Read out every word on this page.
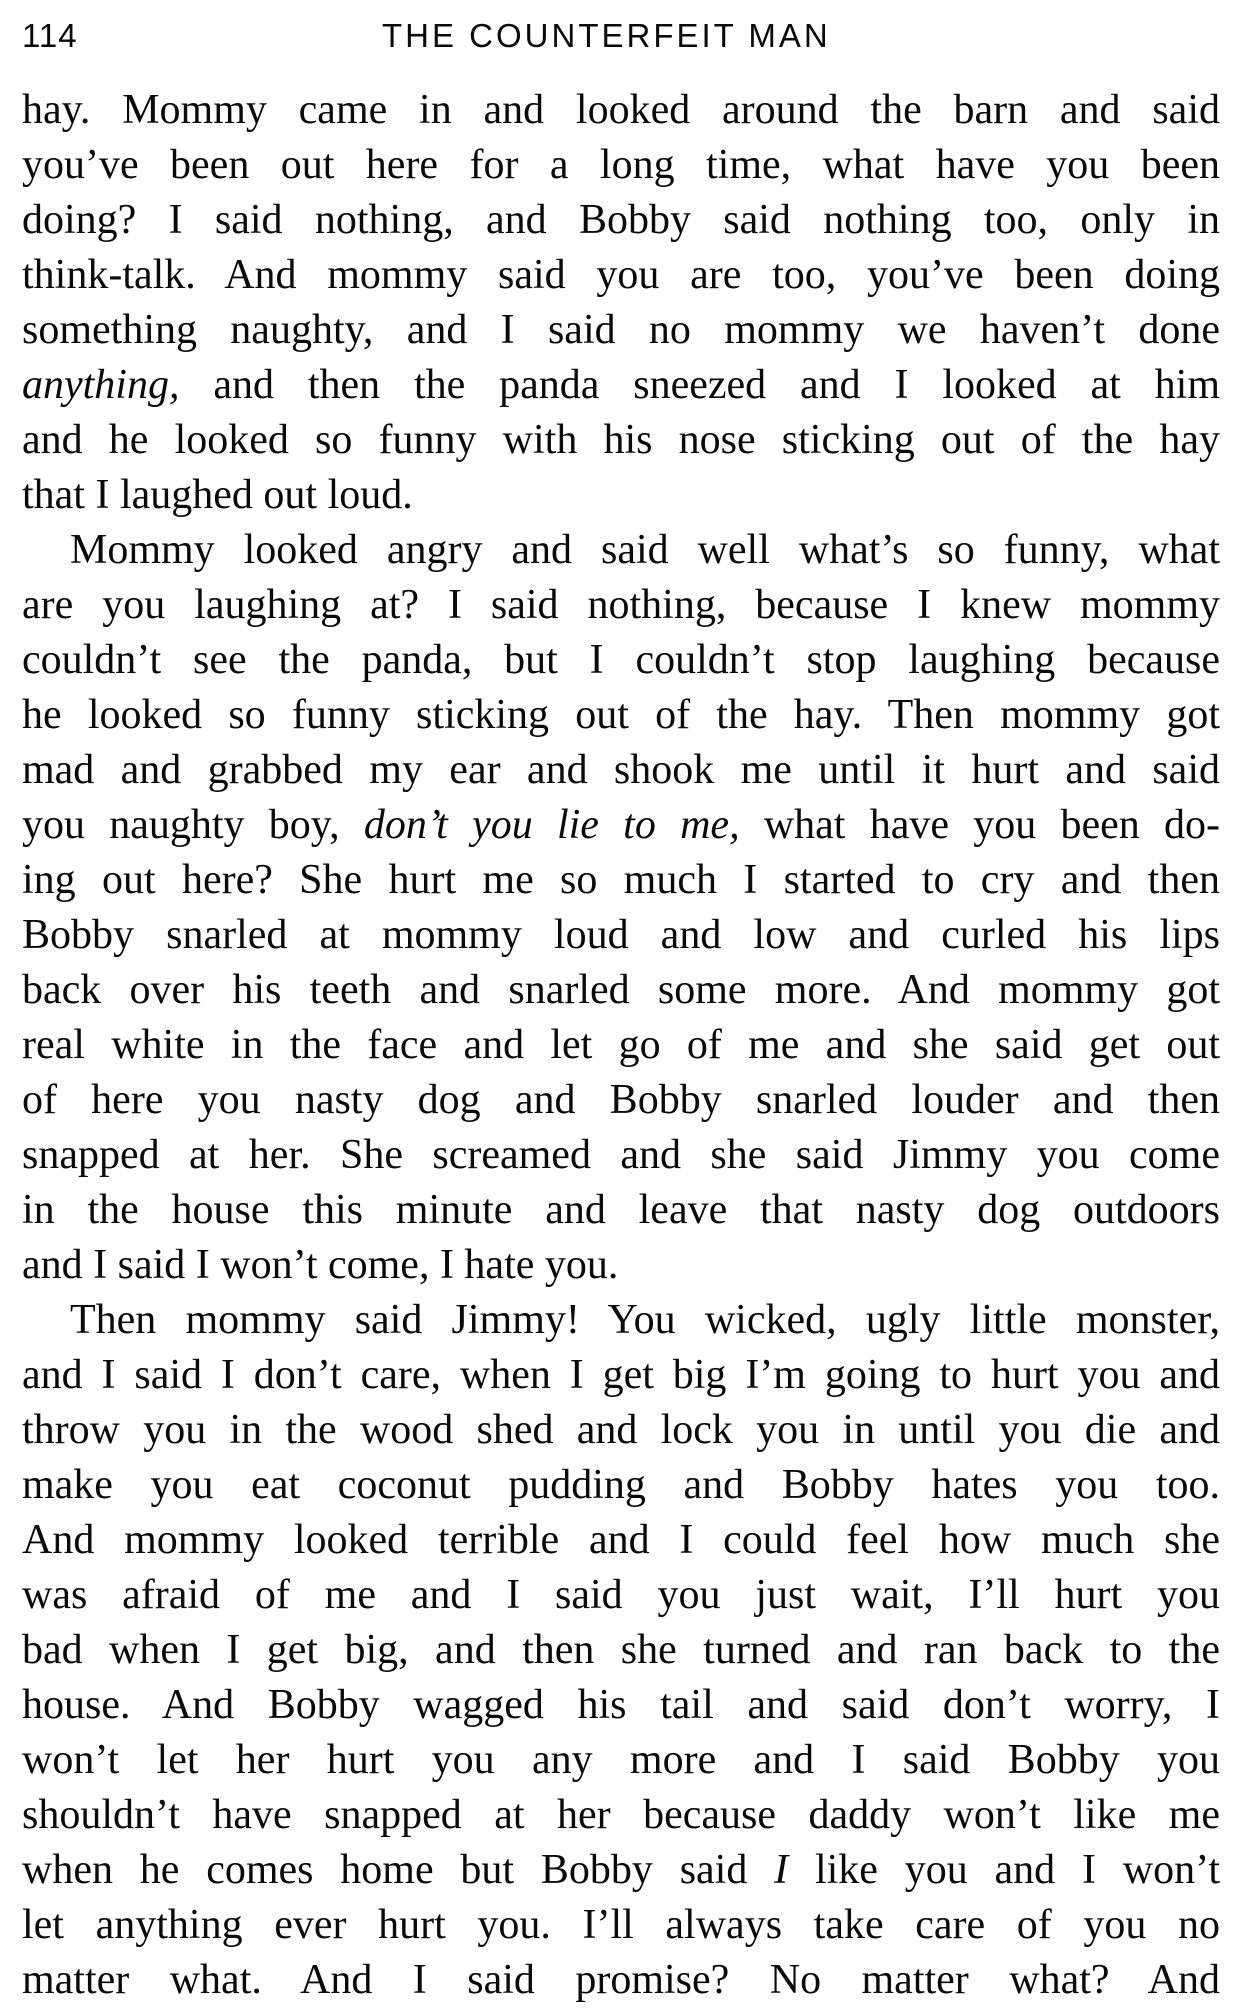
114	THE COUNTERFEIT MAN
hay. Mommy came in and looked around the barn and said
you’ve been out here for a long time, what have you been
doing? I said nothing, and Bobby said nothing too, only in
think-talk. And mommy said you are too, you’ve been doing
something naughty, and I said no mommy we haven’t done
anything, and then the panda sneezed and I looked at him
and he looked so funny with his nose sticking out of the hay
that I laughed out loud.
Mommy looked angry and said well what’s so funny, what
are you laughing at? I said nothing, because I knew mommy
couldn’t see the panda, but I couldn’t stop laughing because
he looked so funny sticking out of the hay. Then mommy got
mad and grabbed my ear and shook me until it hurt and said
you naughty boy, don’t you lie to me, what have you been do-
ing out here? She hurt me so much I started to cry and then
Bobby snarled at mommy loud and low and curled his lips
back over his teeth and snarled some more. And mommy got
real white in the face and let go of me and she said get out
of here you nasty dog and Bobby snarled louder and then
snapped at her. She screamed and she said Jimmy you come
in the house this minute and leave that nasty dog outdoors
and I said I won’t come, I hate you.
Then mommy said Jimmy! You wicked, ugly little monster,
and I said I don’t care, when I get big I’m going to hurt you and
throw you in the wood shed and lock you in until you die and
make you eat coconut pudding and Bobby hates you too.
And mommy looked terrible and I could feel how much she
was afraid of me and I said you just wait, I’ll hurt you
bad when I get big, and then she turned and ran back to the
house. And Bobby wagged his tail and said don’t worry, I
won’t let her hurt you any more and I said Bobby you
shouldn’t have snapped at her because daddy won’t like me
when he comes home but Bobby said I like you and I won’t
let anything ever hurt you. I’ll always take care of you no
matter what. And I said promise? No matter what? And
